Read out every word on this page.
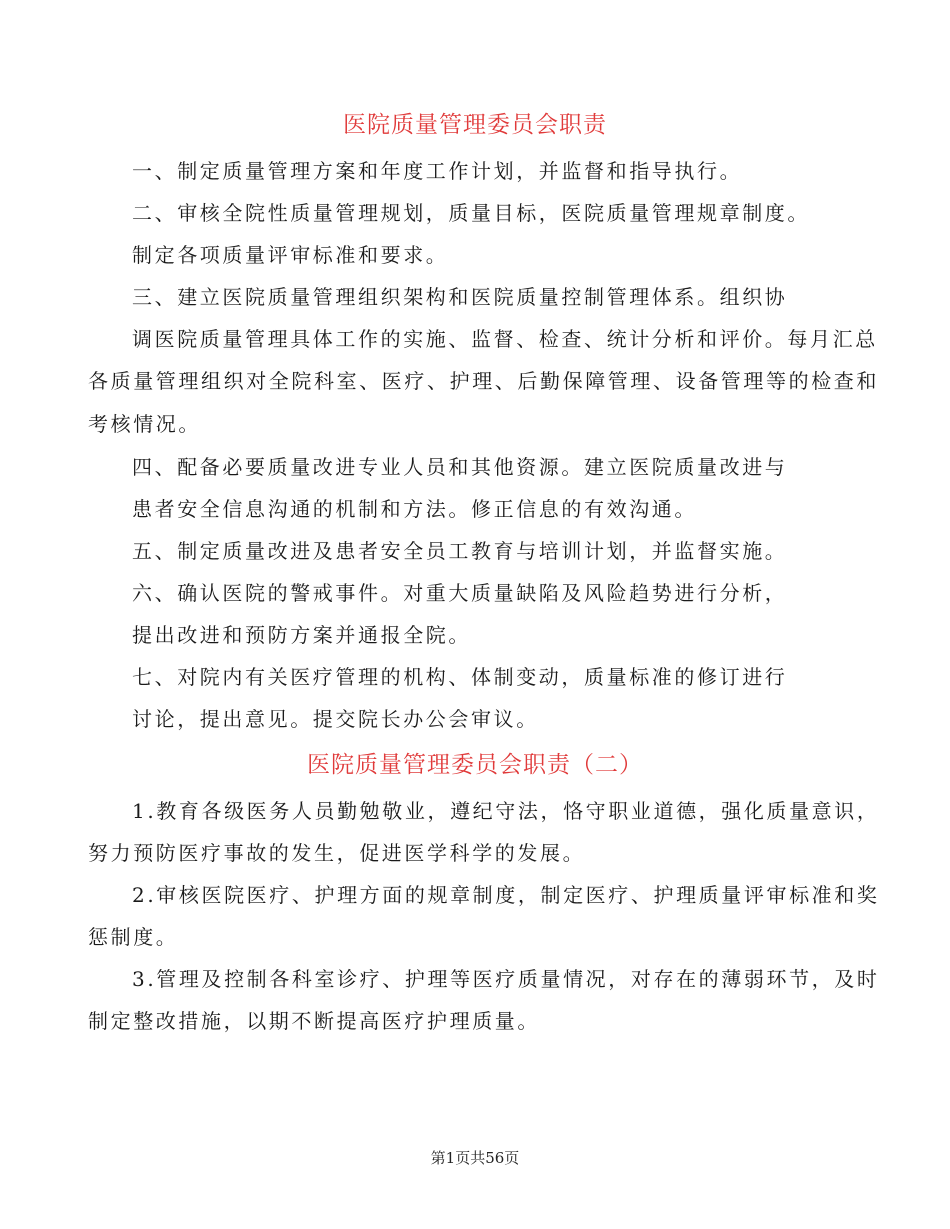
医院质量管理委员会职责
一、制定质量管理方案和年度工作计划，并监督和指导执行。
二、审核全院性质量管理规划，质量目标，医院质量管理规章制度。
制定各项质量评审标准和要求。
三、建立医院质量管理组织架构和医院质量控制管理体系。组织协
调医院质量管理具体工作的实施、监督、检查、统计分析和评价。每月汇总
各质量管理组织对全院科室、医疗、护理、后勤保障管理、设备管理等的检查和
考核情况。
四、配备必要质量改进专业人员和其他资源。建立医院质量改进与
患者安全信息沟通的机制和方法。修正信息的有效沟通。
五、制定质量改进及患者安全员工教育与培训计划，并监督实施。
六、确认医院的警戒事件。对重大质量缺陷及风险趋势进行分析，
提出改进和预防方案并通报全院。
七、对院内有关医疗管理的机构、体制变动，质量标准的修订进行
讨论，提出意见。提交院长办公会审议。
医院质量管理委员会职责（二）
1.教育各级医务人员勤勉敬业，遵纪守法，恪守职业道德，强化质量意识，
努力预防医疗事故的发生，促进医学科学的发展。
2.审核医院医疗、护理方面的规章制度，制定医疗、护理质量评审标准和奖
惩制度。
3.管理及控制各科室诊疗、护理等医疗质量情况，对存在的薄弱环节，及时
制定整改措施，以期不断提高医疗护理质量。
第1页共56页
